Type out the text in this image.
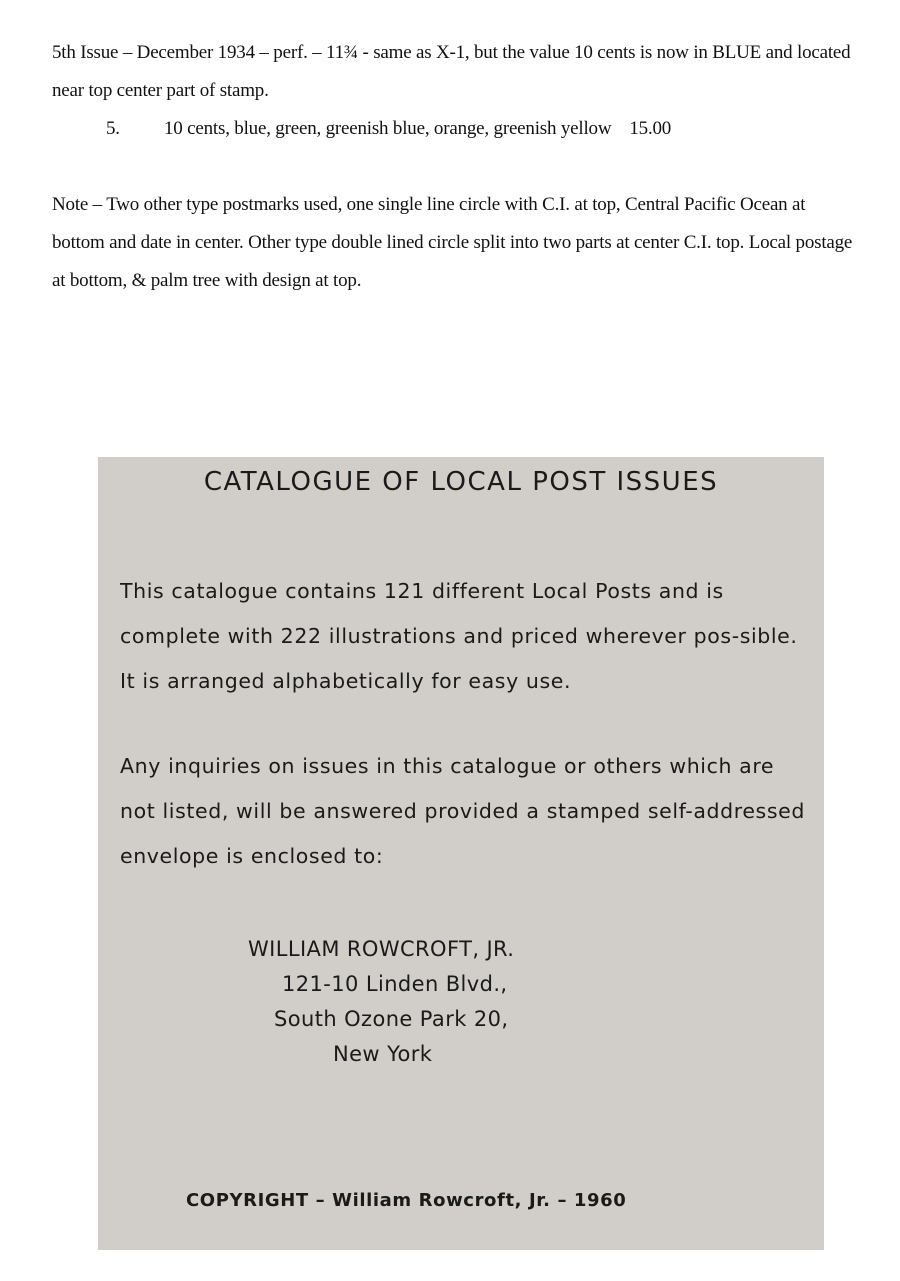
5th Issue – December 1934 – perf. – 11¾ - same as X-1, but the value 10 cents is now in BLUE and located near top center part of stamp.

5.	10 cents, blue, green, greenish blue, orange, greenish yellow 15.00

Note – Two other type postmarks used, one single line circle with C.I. at top, Central Pacific Ocean at bottom and date in center. Other type double lined circle split into two parts at center C.I. top. Local postage at bottom, & palm tree with design at top.

CATALOGUE OF LOCAL POST ISSUES

This catalogue contains 121 different Local Posts and is complete with 222 illustrations and priced wherever pos-sible. It is arranged alphabetically for easy use.

Any inquiries on issues in this catalogue or others which are not listed, will be answered provided a stamped self-addressed envelope is enclosed to:

WILLIAM ROWCROFT, JR.
121-10 Linden Blvd.,
South Ozone Park 20,
New York
COPYRIGHT – William Rowcroft, Jr. – 1960
